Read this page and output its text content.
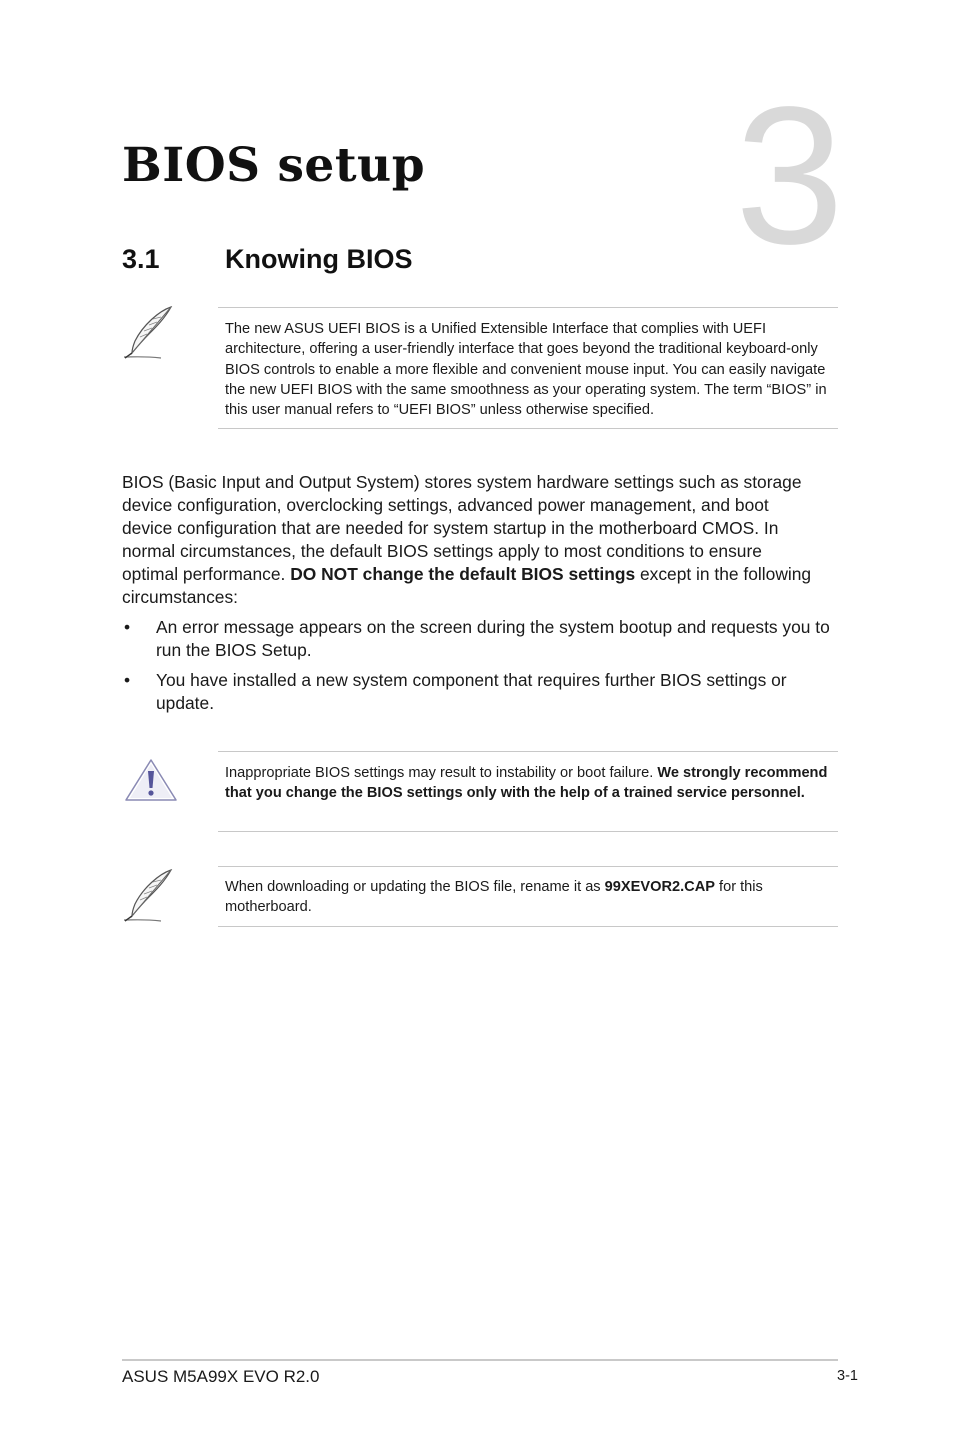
3
BIOS setup
3.1 Knowing BIOS

The new ASUS UEFI BIOS is a Unified Extensible Interface that complies with UEFI architecture, offering a user-friendly interface that goes beyond the traditional keyboard-only BIOS controls to enable a more flexible and convenient mouse input. You can easily navigate the new UEFI BIOS with the same smoothness as your operating system. The term “BIOS” in this user manual refers to “UEFI BIOS” unless otherwise specified.

BIOS (Basic Input and Output System) stores system hardware settings such as storage device configuration, overclocking settings, advanced power management, and boot device configuration that are needed for system startup in the motherboard CMOS. In normal circumstances, the default BIOS settings apply to most conditions to ensure optimal performance. DO NOT change the default BIOS settings except in the following circumstances:

• An error message appears on the screen during the system bootup and requests you to run the BIOS Setup.
• You have installed a new system component that requires further BIOS settings or update.

Inappropriate BIOS settings may result to instability or boot failure. We strongly recommend that you change the BIOS settings only with the help of a trained service personnel.

When downloading or updating the BIOS file, rename it as 99XEVOR2.CAP for this motherboard.

ASUS M5A99X EVO R2.0	3-1
